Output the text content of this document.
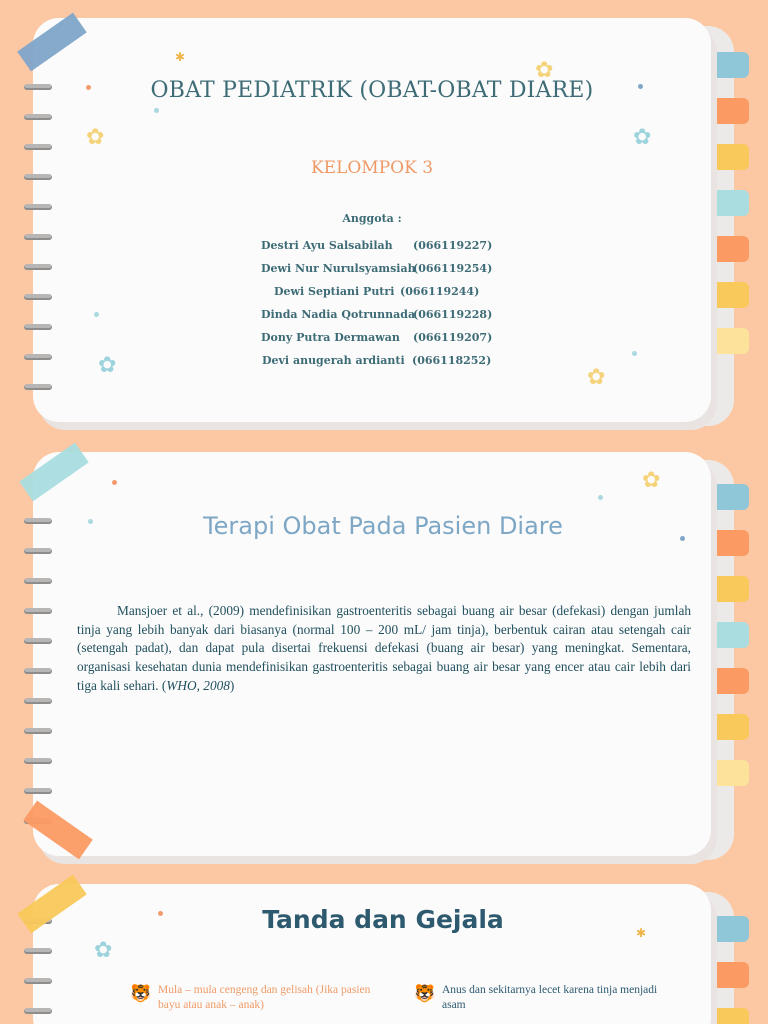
✿
✿
✿
✿	✿
✿
✿
✱
✱
OBAT PEDIATRIK (OBAT-OBAT DIARE)
KELOMPOK 3
Anggota :
Destri Ayu Salsabilah (066119227)
Dewi Nur Nurulsyamsiah(066119254)
Dewi Septiani Putri (066119244)
Dinda Nadia Qotrunnada(066119228)
Dony Putra Dermawan (066119207)
Devi anugerah ardianti (066118252)
Terapi Obat Pada Pasien Diare

Mansjoer et al., (2009) mendefinisikan gastroenteritis sebagai buang air besar (defekasi) dengan jumlah tinja yang lebih banyak dari biasanya (normal 100 – 200 mL/ jam tinja), berbentuk cairan atau setengah cair (setengah padat), dan dapat pula disertai frekuensi defekasi (buang air besar) yang meningkat. Sementara, organisasi kesehatan dunia mendefinisikan gastroenteritis sebagai buang air besar yang encer atau cair lebih dari tiga kali sehari. (WHO, 2008)

Tanda dan Gejala
🐯 Mula – mula cengeng dan gelisah (Jika pasien bayu atau anak – anak)
🐯 Anus dan sekitarnya lecet karena tinja menjadi asam
